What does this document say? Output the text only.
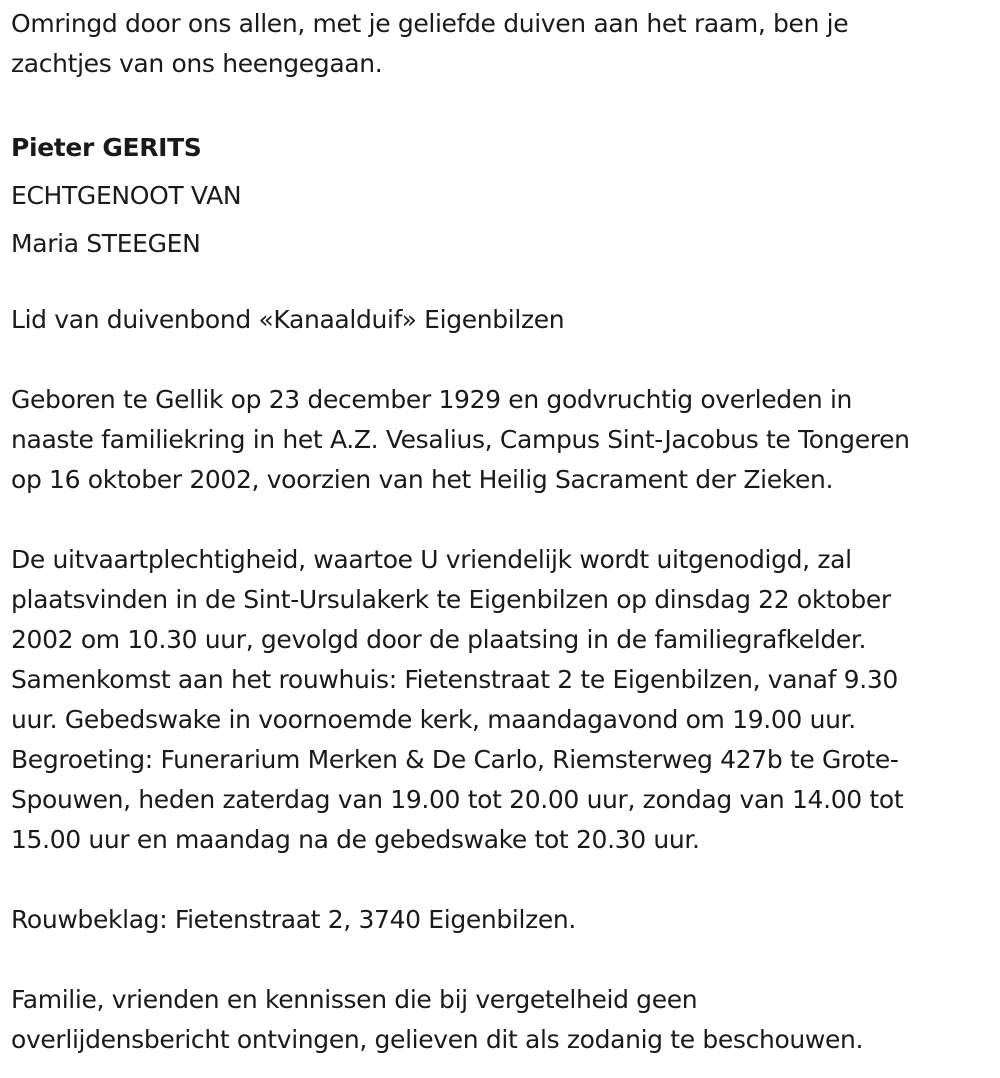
Omringd door ons allen, met je geliefde duiven aan het raam, ben je
zachtjes van ons heengegaan.

Pieter GERITS

ECHTGENOOT VAN

Maria STEEGEN

Lid van duivenbond «Kanaalduif» Eigenbilzen

Geboren te Gellik op 23 december 1929 en godvruchtig overleden in
naaste familiekring in het A.Z. Vesalius, Campus Sint-Jacobus te Tongeren
op 16 oktober 2002, voorzien van het Heilig Sacrament der Zieken.

De uitvaartplechtigheid, waartoe U vriendelijk wordt uitgenodigd, zal
plaatsvinden in de Sint-Ursulakerk te Eigenbilzen op dinsdag 22 oktober
2002 om 10.30 uur, gevolgd door de plaatsing in de familiegrafkelder.
Samenkomst aan het rouwhuis: Fietenstraat 2 te Eigenbilzen, vanaf 9.30
uur. Gebedswake in voornoemde kerk, maandagavond om 19.00 uur.
Begroeting: Funerarium Merken & De Carlo, Riemsterweg 427b te Grote-
Spouwen, heden zaterdag van 19.00 tot 20.00 uur, zondag van 14.00 tot
15.00 uur en maandag na de gebedswake tot 20.30 uur.

Rouwbeklag: Fietenstraat 2, 3740 Eigenbilzen.

Familie, vrienden en kennissen die bij vergetelheid geen
overlijdensbericht ontvingen, gelieven dit als zodanig te beschouwen.
